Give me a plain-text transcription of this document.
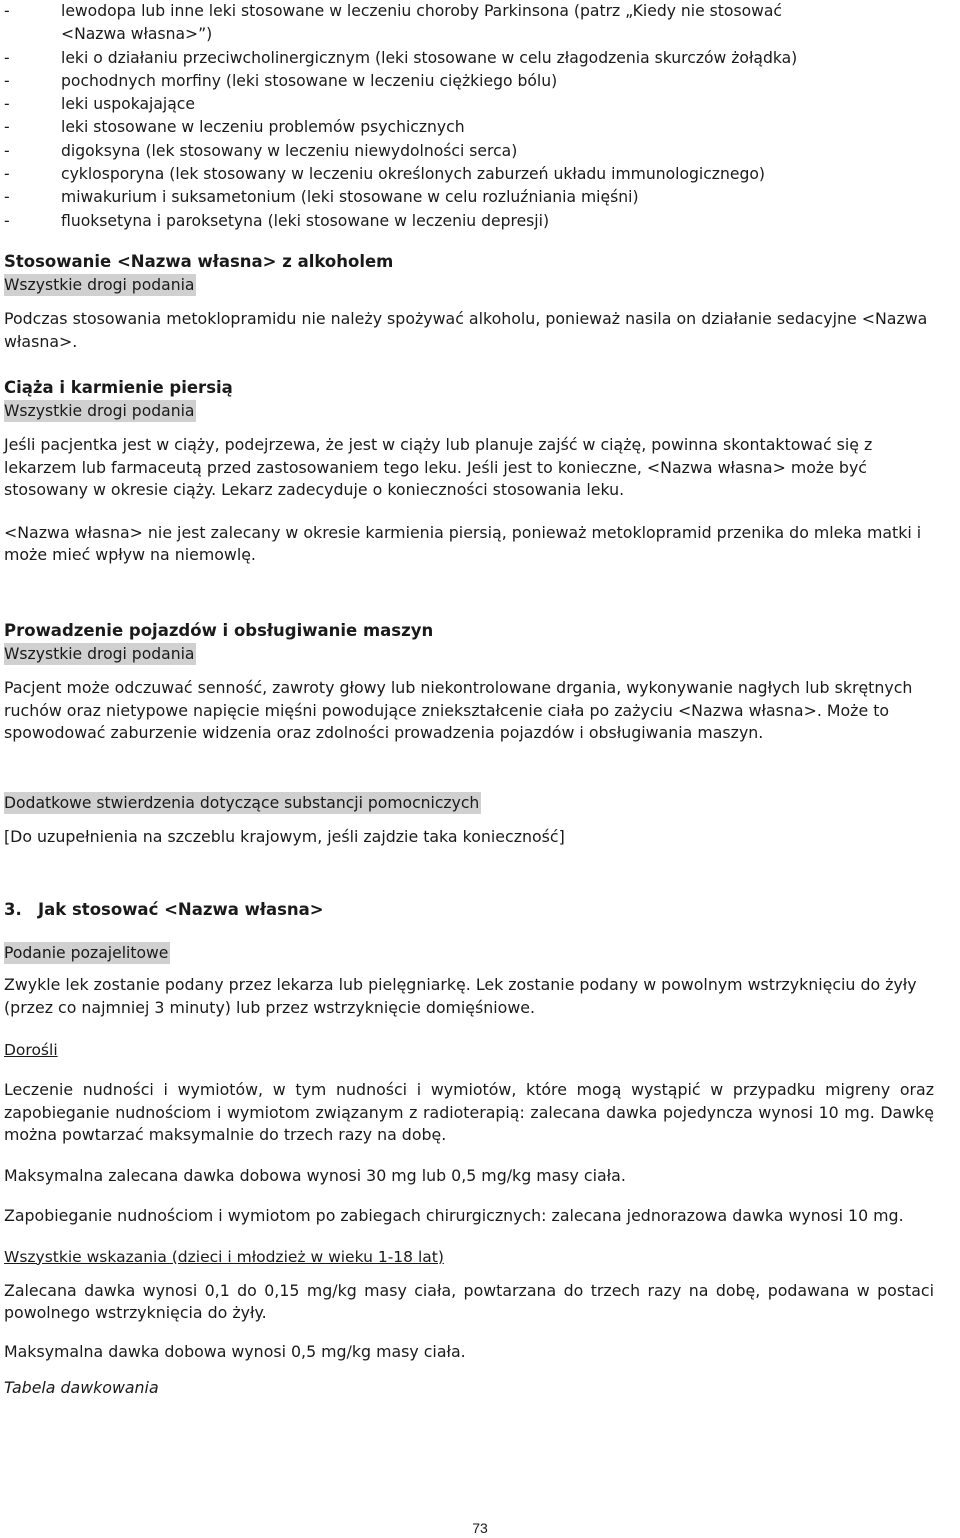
-	lewodopa lub inne leki stosowane w leczeniu choroby Parkinsona (patrz „Kiedy nie stosować
<Nazwa własna>”)
-	leki o działaniu przeciwcholinergicznym (leki stosowane w celu złagodzenia skurczów żołądka)
-	pochodnych morfiny (leki stosowane w leczeniu ciężkiego bólu)
-	leki uspokajające
-	leki stosowane w leczeniu problemów psychicznych
-	digoksyna (lek stosowany w leczeniu niewydolności serca)
-	cyklosporyna (lek stosowany w leczeniu określonych zaburzeń układu immunologicznego)
-	miwakurium i suksametonium (leki stosowane w celu rozluźniania mięśni)
-	fluoksetyna i paroksetyna (leki stosowane w leczeniu depresji)
Stosowanie <Nazwa własna> z alkoholem
Wszystkie drogi podania

Podczas stosowania metoklopramidu nie należy spożywać alkoholu, ponieważ nasila on działanie sedacyjne <Nazwa własna>.

Ciąża i karmienie piersią
Wszystkie drogi podania

Jeśli pacjentka jest w ciąży, podejrzewa, że jest w ciąży lub planuje zajść w ciążę, powinna skontaktować się z lekarzem lub farmaceutą przed zastosowaniem tego leku. Jeśli jest to konieczne, <Nazwa własna> może być stosowany w okresie ciąży. Lekarz zadecyduje o konieczności stosowania leku.

<Nazwa własna> nie jest zalecany w okresie karmienia piersią, ponieważ metoklopramid przenika do mleka matki i może mieć wpływ na niemowlę.

Prowadzenie pojazdów i obsługiwanie maszyn
Wszystkie drogi podania

Pacjent może odczuwać senność, zawroty głowy lub niekontrolowane drgania, wykonywanie nagłych lub skrętnych ruchów oraz nietypowe napięcie mięśni powodujące zniekształcenie ciała po zażyciu <Nazwa własna>. Może to spowodować zaburzenie widzenia oraz zdolności prowadzenia pojazdów i obsługiwania maszyn.

Dodatkowe stwierdzenia dotyczące substancji pomocniczych

[Do uzupełnienia na szczeblu krajowym, jeśli zajdzie taka konieczność]

3. Jak stosować <Nazwa własna>
Podanie pozajelitowe

Zwykle lek zostanie podany przez lekarza lub pielęgniarkę. Lek zostanie podany w powolnym wstrzyknięciu do żyły (przez co najmniej 3 minuty) lub przez wstrzyknięcie domięśniowe.

Dorośli

Leczenie nudności i wymiotów, w tym nudności i wymiotów, które mogą wystąpić w przypadku migreny oraz zapobieganie nudnościom i wymiotom związanym z radioterapią: zalecana dawka pojedyncza wynosi 10 mg. Dawkę można powtarzać maksymalnie do trzech razy na dobę.

Maksymalna zalecana dawka dobowa wynosi 30 mg lub 0,5 mg/kg masy ciała.

Zapobieganie nudnościom i wymiotom po zabiegach chirurgicznych: zalecana jednorazowa dawka wynosi 10 mg.

Wszystkie wskazania (dzieci i młodzież w wieku 1-18 lat)

Zalecana dawka wynosi 0,1 do 0,15 mg/kg masy ciała, powtarzana do trzech razy na dobę, podawana w postaci powolnego wstrzyknięcia do żyły.

Maksymalna dawka dobowa wynosi 0,5 mg/kg masy ciała.

Tabela dawkowania

73
